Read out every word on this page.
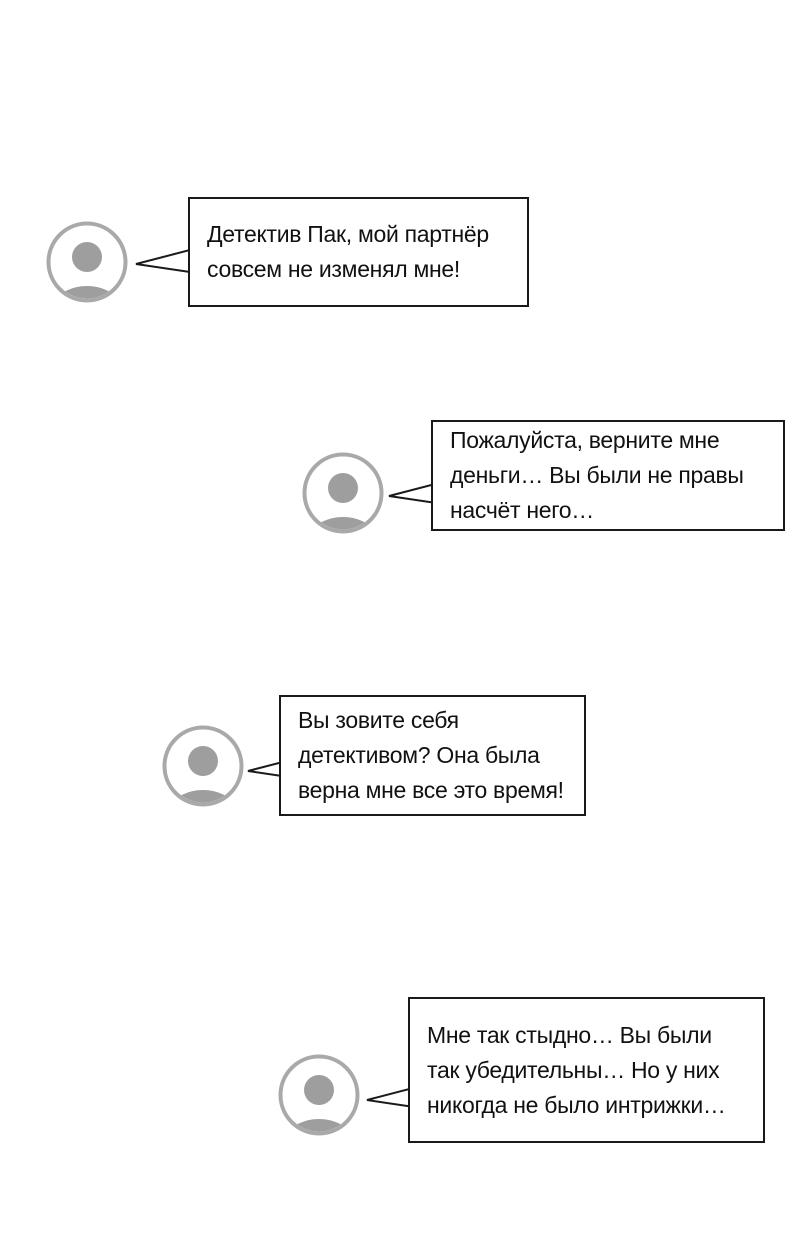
Детектив Пак, мой партнёр
совсем не изменял мне!
Пожалуйста, верните мне
деньги… Вы были не правы
насчёт него…
Вы зовите себя
детективом? Она была
верна мне все это время!
Мне так стыдно… Вы были
так убедительны… Но у них
никогда не было интрижки…
